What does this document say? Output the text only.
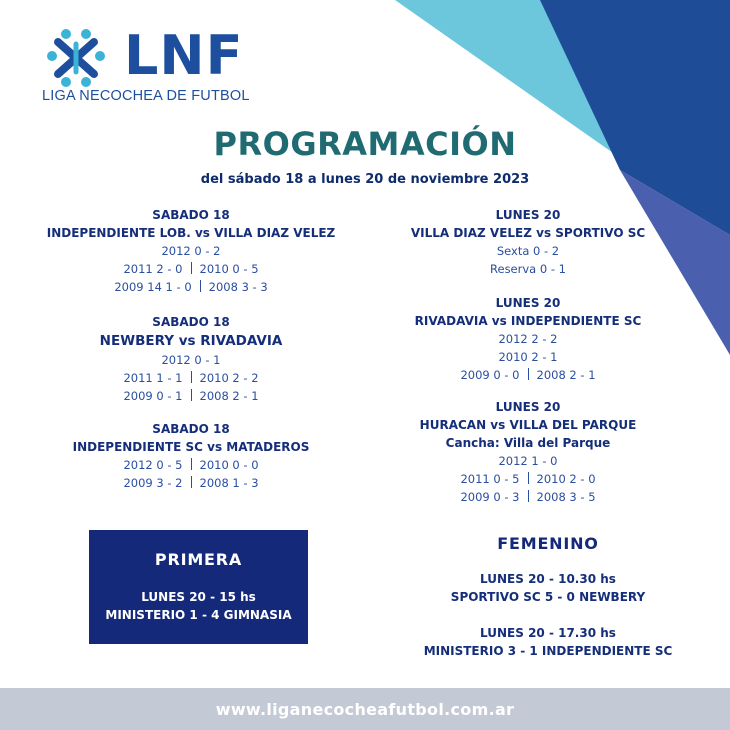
LNF

LIGA NECOCHEA DE FUTBOL

PROGRAMACIÓN

del sábado 18 a lunes 20 de noviembre 2023

SABADO 18
INDEPENDIENTE LOB. vs VILLA DIAZ VELEZ
2012 0 - 2
2011 2 - 0 2010 0 - 5
2009 14 1 - 0 2008 3 - 3
SABADO 18
NEWBERY vs RIVADAVIA
2012 0 - 1
2011 1 - 1 2010 2 - 2
2009 0 - 1 2008 2 - 1
SABADO 18
INDEPENDIENTE SC vs MATADEROS
2012 0 - 5 2010 0 - 0
2009 3 - 2 2008 1 - 3
LUNES 20
VILLA DIAZ VELEZ vs SPORTIVO SC
Sexta 0 - 2
Reserva 0 - 1
LUNES 20
RIVADAVIA vs INDEPENDIENTE SC
2012 2 - 2
2010 2 - 1
2009 0 - 0 2008 2 - 1
LUNES 20
HURACAN vs VILLA DEL PARQUE
Cancha: Villa del Parque
2012 1 - 0
2011 0 - 5 2010 2 - 0
2009 0 - 3 2008 3 - 5

PRIMERA

LUNES 20 - 15 hs
MINISTERIO 1 - 4 GIMNASIA

FEMENINO

LUNES 20 - 10.30 hs
SPORTIVO SC 5 - 0 NEWBERY
LUNES 20 - 17.30 hs
MINISTERIO 3 - 1 INDEPENDIENTE SC
www.liganecocheafutbol.com.ar
